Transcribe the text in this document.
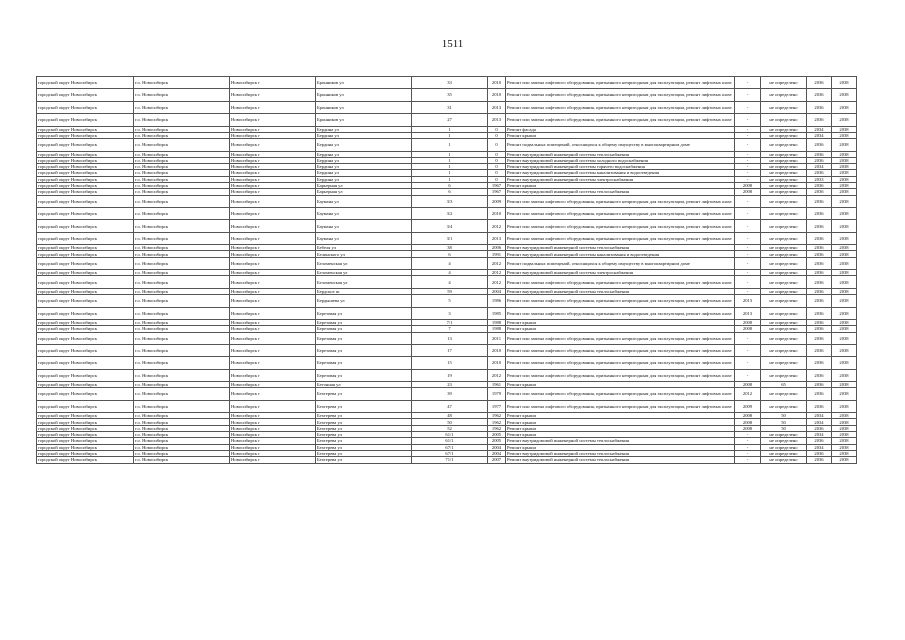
1511
городской округ Новосибирск	г.о. Новосибирск	Новосибирск г	Бронников ул	33	2010	Ремонт или замена лифтового оборудования, признанного непригодным для эксплуатации, ремонт лифтовых шахт	-	не определено	2036	2038
городской округ Новосибирск	г.о. Новосибирск	Новосибирск г	Бронников ул	35	2010	Ремонт или замена лифтового оборудования, признанного непригодным для эксплуатации, ремонт лифтовых шахт	-	не определено	2036	2038
городской округ Новосибирск	г.о. Новосибирск	Новосибирск г	Бронников ул	31	2013	Ремонт или замена лифтового оборудования, признанного непригодным для эксплуатации, ремонт лифтовых шахт	-	не определено	2036	2038
городской округ Новосибирск	г.о. Новосибирск	Новосибирск г	Бронников ул	27	2013	Ремонт или замена лифтового оборудования, признанного непригодным для эксплуатации, ремонт лифтовых шахт	-	не определено	2036	2038
городской округ Новосибирск	г.о. Новосибирск	Новосибирск г	Бердина ул	1	0	Ремонт фасада	-	не определено	2034	2038
городской округ Новосибирск	г.о. Новосибирск	Новосибирск г	Бердина ул	1	0	Ремонт крыши	-	не определено	2034	2038
городской округ Новосибирск	г.о. Новосибирск	Новосибирск г	Бердина ул	1	0	Ремонт подвальных помещений, относящихся к общему имуществу в многоквартирном доме	-	не определено	2036	2038
городской округ Новосибирск	г.о. Новосибирск	Новосибирск г	Бердина ул	1	0	Ремонт внутридомовой инженерной системы теплоснабжения	-	не определено	2036	2038
городской округ Новосибирск	г.о. Новосибирск	Новосибирск г	Бердина ул	1	0	Ремонт внутридомовой инженерной системы холодного водоснабжения	-	не определено	2036	2038
городской округ Новосибирск	г.о. Новосибирск	Новосибирск г	Бердина ул	1	0	Ремонт внутридомовой инженерной системы горячего водоснабжения	-	не определено	2034	2038
городской округ Новосибирск	г.о. Новосибирск	Новосибирск г	Бердина ул	1	0	Ремонт внутридомовой инженерной системы канализования и водоотведения	-	не определено	2036	2038
городской округ Новосибирск	г.о. Новосибирск	Новосибирск г	Бердина ул	1	0	Ремонт внутридомовой инженерной системы электроснабжения	-	не определено	2033	2038
городской округ Новосибирск	г.о. Новосибирск	Новосибирск г	Барьерная ул	6	1967	Ремонт крыши	2008	не определено	2036	2038
городской округ Новосибирск	г.о. Новосибирск	Новосибирск г	Барьерная ул	6	1967	Ремонт внутридомовой инженерной системы теплоснабжения	2008	не определено	2036	2038
городской округ Новосибирск	г.о. Новосибирск	Новосибирск г	Баумана ул	3/3	2009	Ремонт или замена лифтового оборудования, признанного непригодным для эксплуатации, ремонт лифтовых шахт	-	не определено	2036	2038
городской округ Новосибирск	г.о. Новосибирск	Новосибирск г	Баумана ул	3/2	2010	Ремонт или замена лифтового оборудования, признанного непригодным для эксплуатации, ремонт лифтовых шахт	-	не определено	2036	2038
городской округ Новосибирск	г.о. Новосибирск	Новосибирск г	Баумана ул	3/4	2012	Ремонт или замена лифтового оборудования, признанного непригодным для эксплуатации, ремонт лифтовых шахт	-	не определено	2036	2038
городской округ Новосибирск	г.о. Новосибирск	Новосибирск г	Баумана ул	3/1	2013	Ремонт или замена лифтового оборудования, признанного непригодным для эксплуатации, ремонт лифтовых шахт	-	не определено	2036	2038
городской округ Новосибирск	г.о. Новосибирск	Новосибирск г	Бебеля ул	38	2006	Ремонт внутридомовой инженерной системы теплоснабжения	-	не определено	2036	2038
городской округ Новосибирск	г.о. Новосибирск	Новосибирск г	Белинского ул	6	1991	Ремонт внутридомовой инженерной системы канализования и водоотведения	-	не определено	2036	2038
городской округ Новосибирск	г.о. Новосибирск	Новосибирск г	Беломенская ул	4	2012	Ремонт подвальных помещений, относящихся к общему имуществу в многоквартирном доме	-	не определено	2036	2038
городской округ Новосибирск	г.о. Новосибирск	Новосибирск г	Беломенская ул	4	2012	Ремонт внутридомовой инженерной системы электроснабжения	-	не определено	2036	2038
городской округ Новосибирск	г.о. Новосибирск	Новосибирск г	Беломенская ул	4	2012	Ремонт или замена лифтового оборудования, признанного непригодным для эксплуатации, ремонт лифтовых шахт	-	не определено	2036	2038
городской округ Новосибирск	г.о. Новосибирск	Новосибирск г	Бердское ш	59	2004	Ремонт внутридомовой инженерной системы теплоснабжения	-	не определено	2036	2038
городской округ Новосибирск	г.о. Новосибирск	Новосибирск г	Бердышева ул	5	1986	Ремонт или замена лифтового оборудования, признанного непригодным для эксплуатации, ремонт лифтовых шахт	2013	не определено	2036	2038
городской округ Новосибирск	г.о. Новосибирск	Новосибирск г	Березовая ул	3	1985	Ремонт или замена лифтового оборудования, признанного непригодным для эксплуатации, ремонт лифтовых шахт	2013	не определено	2036	2038
городской округ Новосибирск	г.о. Новосибирск	Новосибирск г	Березовая ул	7/1	1988	Ремонт крыши	2008	не определено	2036	2038
городской округ Новосибирск	г.о. Новосибирск	Новосибирск г	Березовая ул	7	1988	Ремонт крыши	2008	не определено	2036	2038
городской округ Новосибирск	г.о. Новосибирск	Новосибирск г	Березовая ул	13	2011	Ремонт или замена лифтового оборудования, признанного непригодным для эксплуатации, ремонт лифтовых шахт	-	не определено	2036	2038
городской округ Новосибирск	г.о. Новосибирск	Новосибирск г	Березовая ул	17	2010	Ремонт или замена лифтового оборудования, признанного непригодным для эксплуатации, ремонт лифтовых шахт	-	не определено	2036	2038
городской округ Новосибирск	г.о. Новосибирск	Новосибирск г	Березовая ул	15	2010	Ремонт или замена лифтового оборудования, признанного непригодным для эксплуатации, ремонт лифтовых шахт	-	не определено	2036	2038
городской округ Новосибирск	г.о. Новосибирск	Новосибирск г	Березовая ул	19	2012	Ремонт или замена лифтового оборудования, признанного непригодным для эксплуатации, ремонт лифтовых шахт	-	не определено	2036	2038
городской округ Новосибирск	г.о. Новосибирск	Новосибирск г	Бетонная ул	23	1961	Ремонт крыши	2008	65	2036	2038
городской округ Новосибирск	г.о. Новосибирск	Новосибирск г	Бехтерева ул	39	1979	Ремонт или замена лифтового оборудования, признанного непригодным для эксплуатации, ремонт лифтовых шахт	2012	не определено	2036	2038
городской округ Новосибирск	г.о. Новосибирск	Новосибирск г	Бехтерева ул	47	1977	Ремонт или замена лифтового оборудования, признанного непригодным для эксплуатации, ремонт лифтовых шахт	2009	не определено	2036	2038
городской округ Новосибирск	г.о. Новосибирск	Новосибирск г	Бехтерева ул	48	1962	Ремонт крыши	2008	50	2034	2038
городской округ Новосибирск	г.о. Новосибирск	Новосибирск г	Бехтерева ул	50	1962	Ремонт крыши	2008	50	2034	2038
городской округ Новосибирск	г.о. Новосибирск	Новосибирск г	Бехтерева ул	52	1962	Ремонт крыши	2008	50	2036	2038
городской округ Новосибирск	г.о. Новосибирск	Новосибирск г	Бехтерева ул	61/1	2005	Ремонт крыши	-	не определено	2034	2038
городской округ Новосибирск	г.о. Новосибирск	Новосибирск г	Бехтерева ул	61/1	2005	Ремонт внутридомовой инженерной системы теплоснабжения	-	не определено	2036	2038
городской округ Новосибирск	г.о. Новосибирск	Новосибирск г	Бехтерева ул	67/1	2004	Ремонт крыши	-	не определено	2034	2038
городской округ Новосибирск	г.о. Новосибирск	Новосибирск г	Бехтерева ул	67/1	2004	Ремонт внутридомовой инженерной системы теплоснабжения	-	не определено	2036	2038
городской округ Новосибирск	г.о. Новосибирск	Новосибирск г	Бехтерева ул	71/1	2007	Ремонт внутридомовой инженерной системы теплоснабжения	-	не определено	2036	2038
